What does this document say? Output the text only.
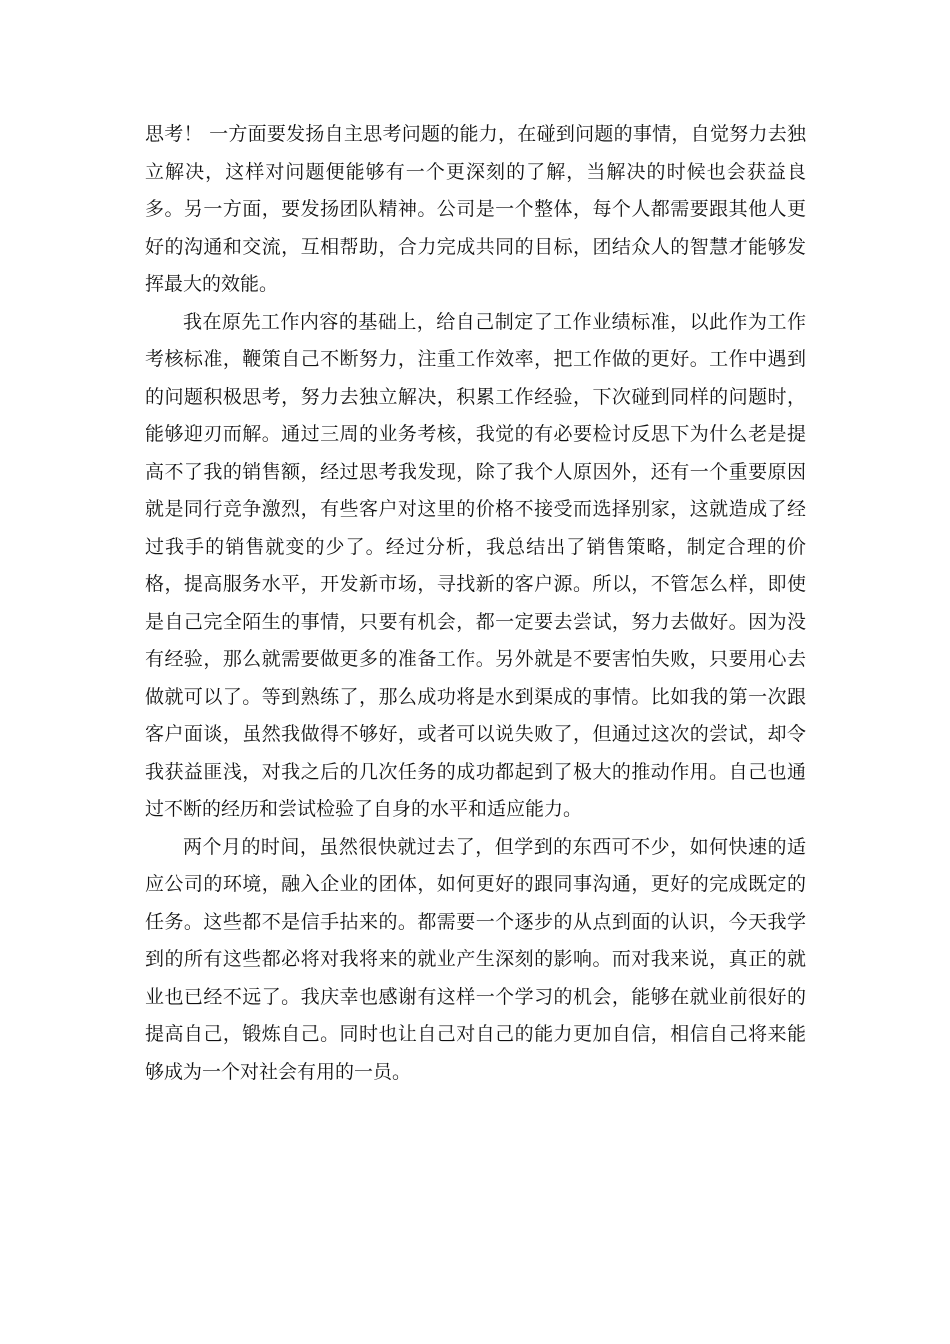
思考！ 一方面要发扬自主思考问题的能力，在碰到问题的事情，自觉努力去独立解决，这样对问题便能够有一个更深刻的了解，当解决的时候也会获益良多。另一方面，要发扬团队精神。公司是一个整体，每个人都需要跟其他人更好的沟通和交流，互相帮助，合力完成共同的目标，团结众人的智慧才能够发挥最大的效能。

我在原先工作内容的基础上，给自己制定了工作业绩标准，以此作为工作考核标准，鞭策自己不断努力，注重工作效率，把工作做的更好。工作中遇到的问题积极思考，努力去独立解决，积累工作经验，下次碰到同样的问题时，能够迎刃而解。通过三周的业务考核，我觉的有必要检讨反思下为什么老是提高不了我的销售额，经过思考我发现，除了我个人原因外，还有一个重要原因就是同行竞争激烈，有些客户对这里的价格不接受而选择别家，这就造成了经过我手的销售就变的少了。经过分析，我总结出了销售策略，制定合理的价格，提高服务水平，开发新市场，寻找新的客户源。所以，不管怎么样，即使是自己完全陌生的事情，只要有机会，都一定要去尝试，努力去做好。因为没有经验，那么就需要做更多的准备工作。另外就是不要害怕失败，只要用心去做就可以了。等到熟练了，那么成功将是水到渠成的事情。比如我的第一次跟客户面谈，虽然我做得不够好，或者可以说失败了，但通过这次的尝试，却令我获益匪浅，对我之后的几次任务的成功都起到了极大的推动作用。自己也通过不断的经历和尝试检验了自身的水平和适应能力。

两个月的时间，虽然很快就过去了，但学到的东西可不少，如何快速的适应公司的环境，融入企业的团体，如何更好的跟同事沟通，更好的完成既定的任务。这些都不是信手拈来的。都需要一个逐步的从点到面的认识，今天我学到的所有这些都必将对我将来的就业产生深刻的影响。而对我来说，真正的就业也已经不远了。我庆幸也感谢有这样一个学习的机会，能够在就业前很好的提高自己，锻炼自己。同时也让自己对自己的能力更加自信，相信自己将来能够成为一个对社会有用的一员。
